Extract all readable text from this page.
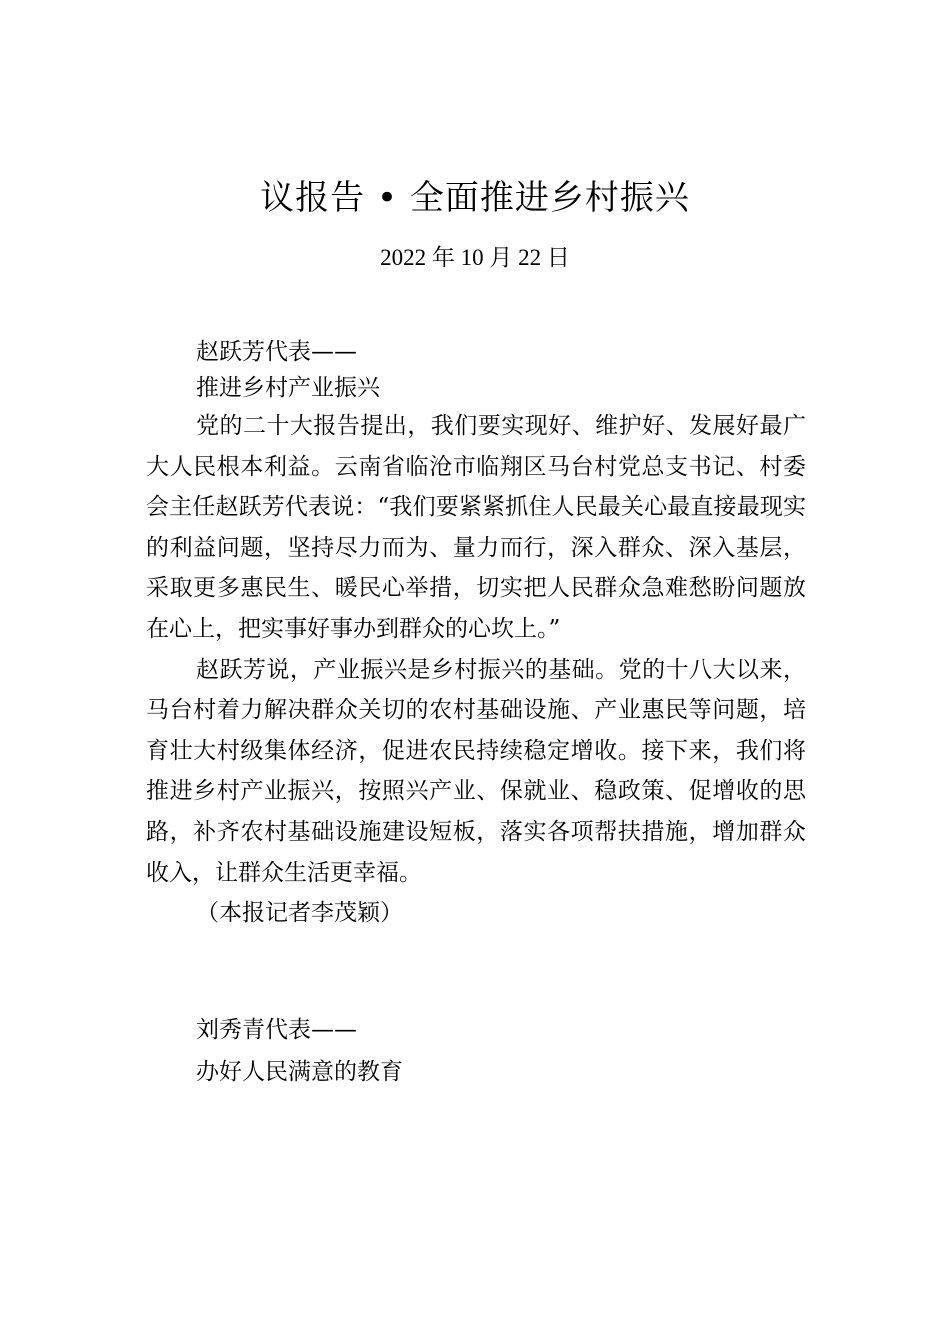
议报告 • 全面推进乡村振兴
2022 年 10 月 22 日
赵跃芳代表——
推进乡村产业振兴

党的二十大报告提出，我们要实现好、维护好、发展好最广大人民根本利益。云南省临沧市临翔区马台村党总支书记、村委会主任赵跃芳代表说：“我们要紧紧抓住人民最关心最直接最现实的利益问题，坚持尽力而为、量力而行，深入群众、深入基层，采取更多惠民生、暖民心举措，切实把人民群众急难愁盼问题放在心上，把实事好事办到群众的心坎上。”

赵跃芳说，产业振兴是乡村振兴的基础。党的十八大以来，马台村着力解决群众关切的农村基础设施、产业惠民等问题，培育壮大村级集体经济，促进农民持续稳定增收。接下来，我们将推进乡村产业振兴，按照兴产业、保就业、稳政策、促增收的思路，补齐农村基础设施建设短板，落实各项帮扶措施，增加群众收入，让群众生活更幸福。

（本报记者李茂颖）
刘秀青代表——
办好人民满意的教育
